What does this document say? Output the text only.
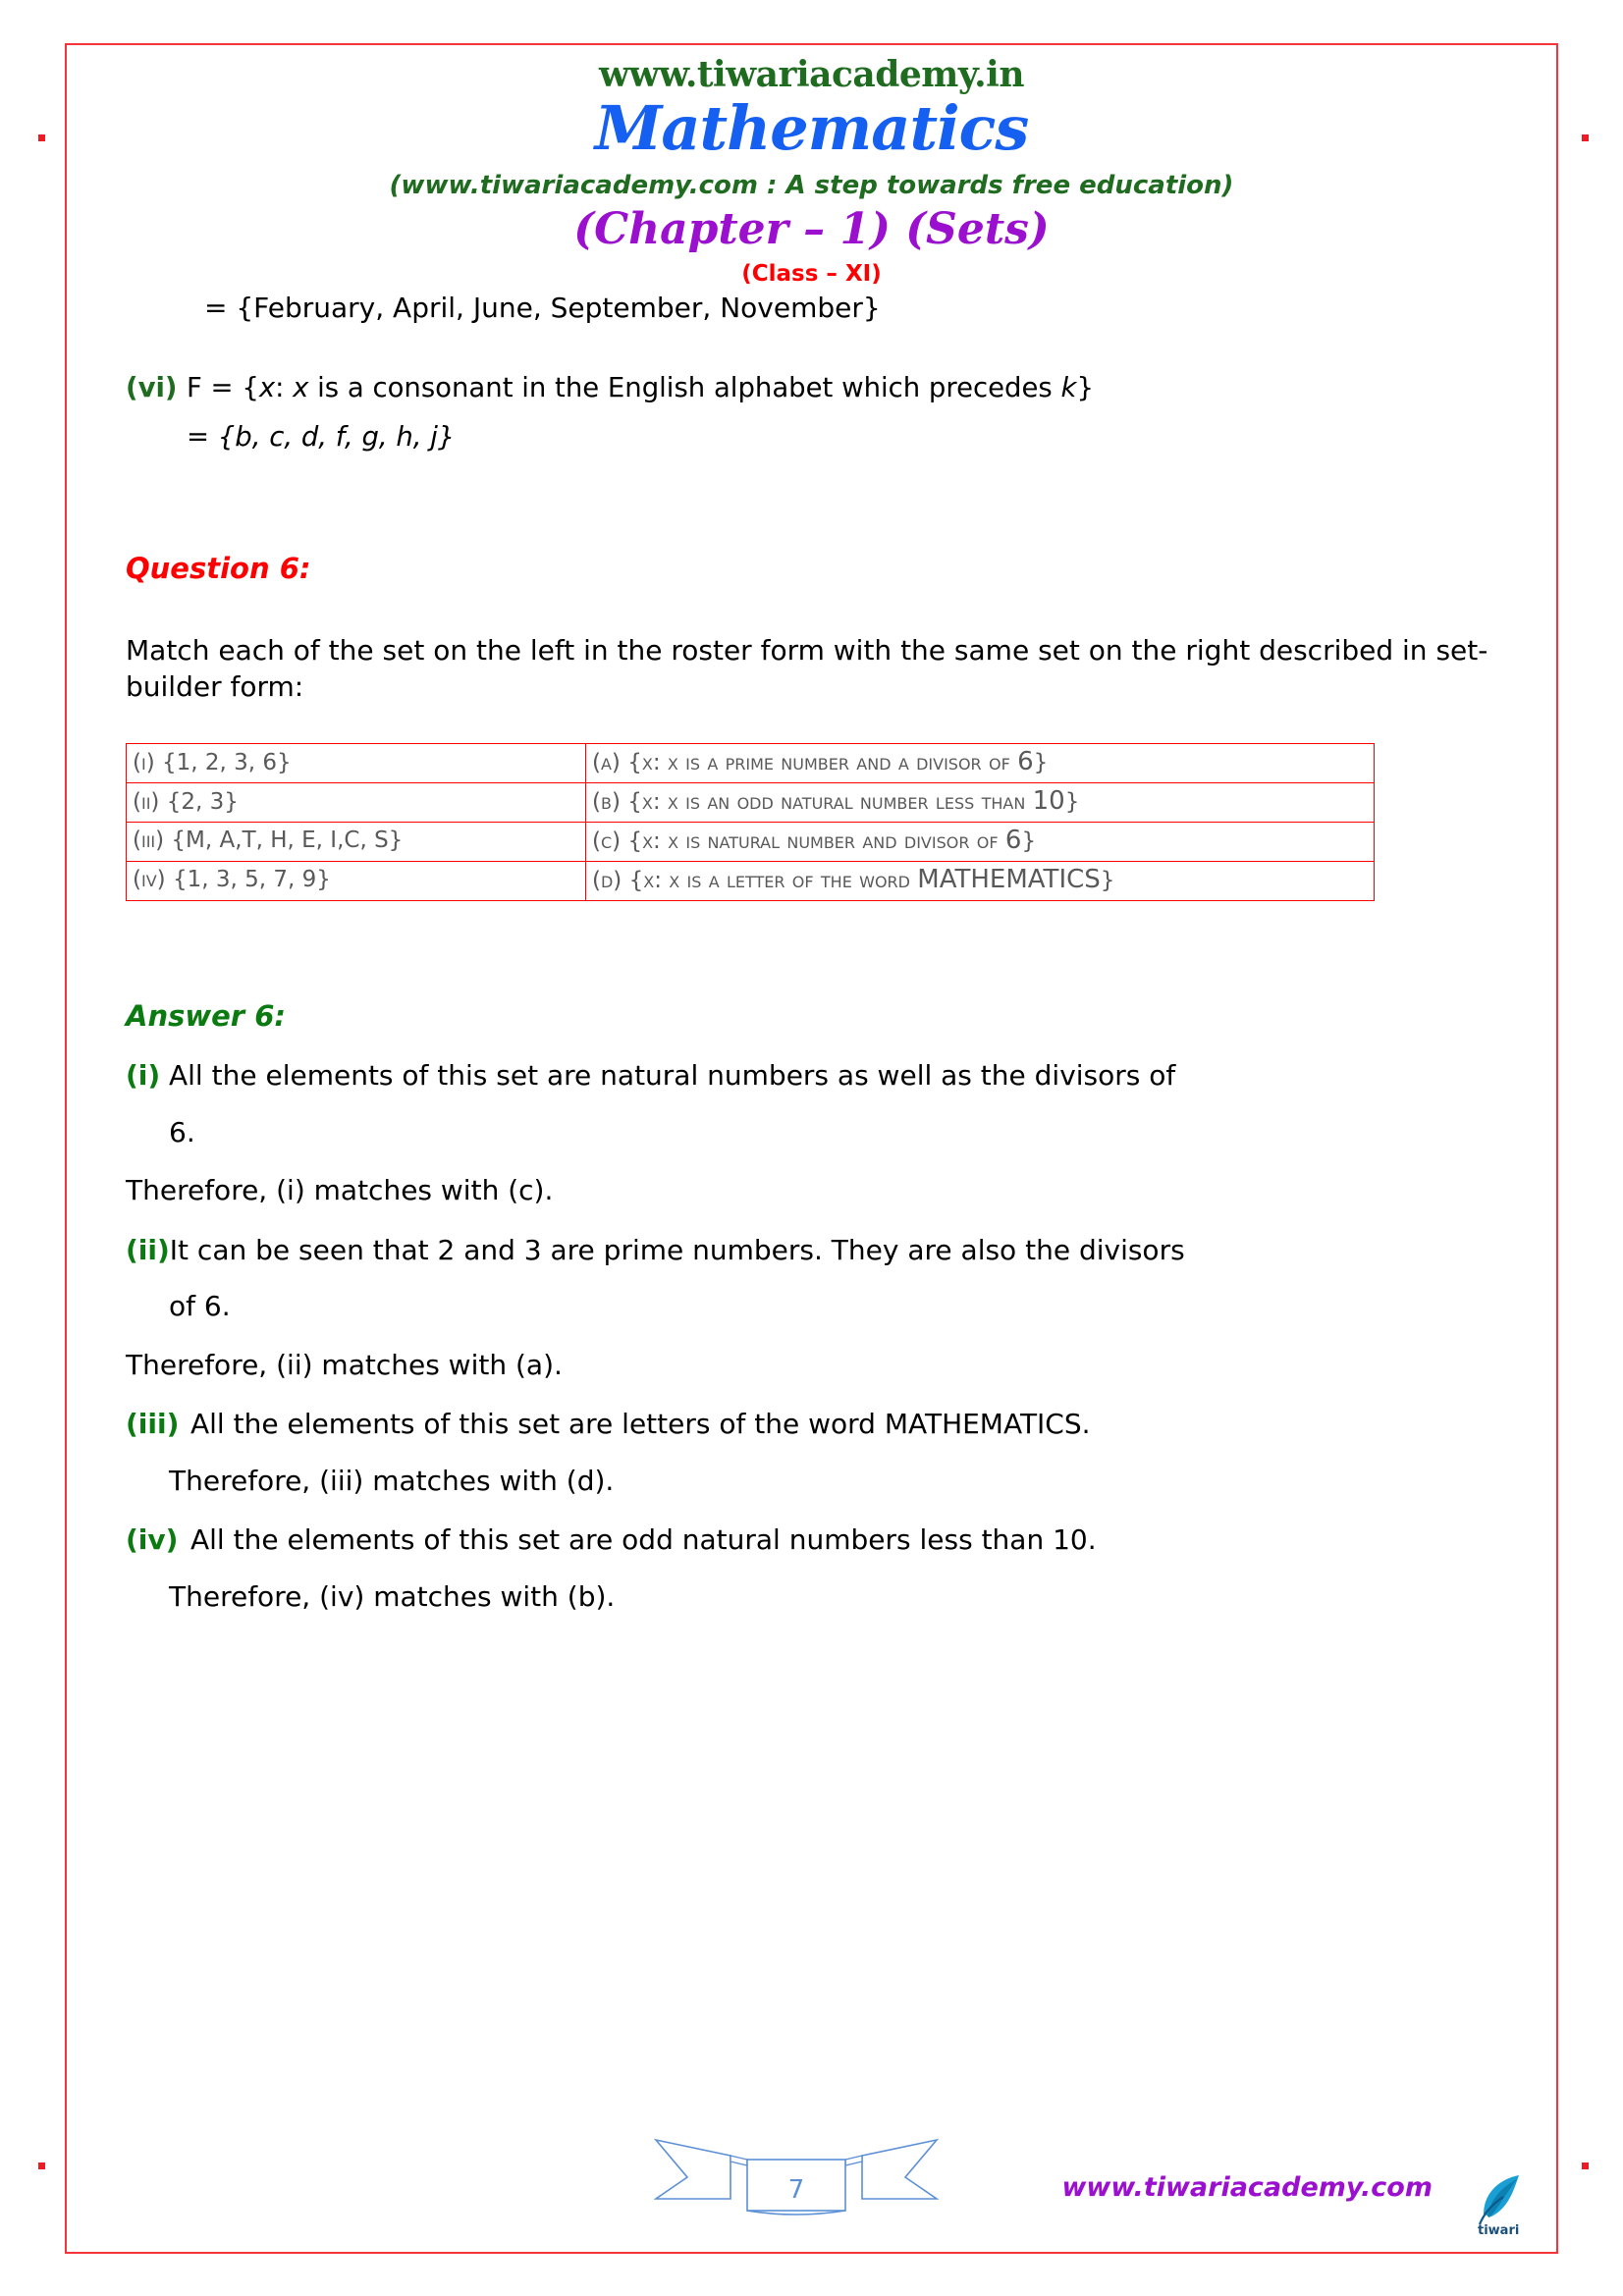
www.tiwariacademy.in
Mathematics
(www.tiwariacademy.com : A step towards free education)
(Chapter – 1) (Sets)
(Class – XI)
= {February, April, June, September, November}
(vi) F = {x: x is a consonant in the English alphabet which precedes k}
= {b, c, d, f, g, h, j}
Question 6:
Match each of the set on the left in the roster form with the same set on the right described in set-builder form:
(i) {1, 2, 3, 6}	(a) {x: x is a prime number and a divisor of 6}
(ii) {2, 3}	(b) {x: x is an odd natural number less than 10}
(iii) {M, A,T, H, E, I,C, S}	(c) {x: x is natural number and divisor of 6}
(iv) {1, 3, 5, 7, 9}	(d) {x: x is a letter of the word MATHEMATICS}
Answer 6:
(i) All the elements of this set are natural numbers as well as the divisors of
6.
Therefore, (i) matches with (c).
(ii) It can be seen that 2 and 3 are prime numbers. They are also the divisors
of 6.
Therefore, (ii) matches with (a).
(iii) All the elements of this set are letters of the word MATHEMATICS.
Therefore, (iii) matches with (d).
(iv) All the elements of this set are odd natural numbers less than 10.
Therefore, (iv) matches with (b).
7	www.tiwariacademy.com
tiwari
